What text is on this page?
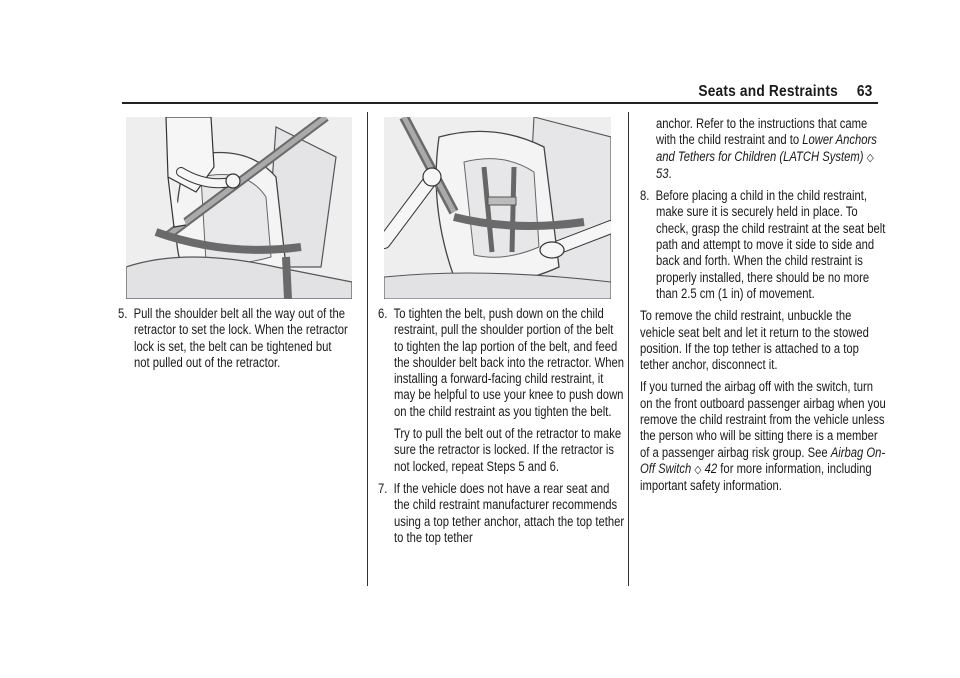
Seats and Restraints 63
5. Pull the shoulder belt all the way out of the retractor to set the lock. When the retractor lock is set, the belt can be tightened but not pulled out of the retractor.
6. To tighten the belt, push down on the child restraint, pull the shoulder portion of the belt to tighten the lap portion of the belt, and feed the shoulder belt back into the retractor. When installing a forward-facing child restraint, it may be helpful to use your knee to push down on the child restraint as you tighten the belt.
Try to pull the belt out of the retractor to make sure the retractor is locked. If the retractor is not locked, repeat Steps 5 and 6.
7. If the vehicle does not have a rear seat and the child restraint manufacturer recommends using a top tether anchor, attach the top tether to the top tether
anchor. Refer to the instructions that came with the child restraint and to Lower Anchors and Tethers for Children (LATCH System) ◇ 53.
8. Before placing a child in the child restraint, make sure it is securely held in place. To check, grasp the child restraint at the seat belt path and attempt to move it side to side and back and forth. When the child restraint is properly installed, there should be no more than 2.5 cm (1 in) of movement.

To remove the child restraint, unbuckle the vehicle seat belt and let it return to the stowed position. If the top tether is attached to a top tether anchor, disconnect it.

If you turned the airbag off with the switch, turn on the front outboard passenger airbag when you remove the child restraint from the vehicle unless the person who will be sitting there is a member of a passenger airbag risk group. See Airbag On-Off Switch ◇ 42 for more information, including important safety information.
